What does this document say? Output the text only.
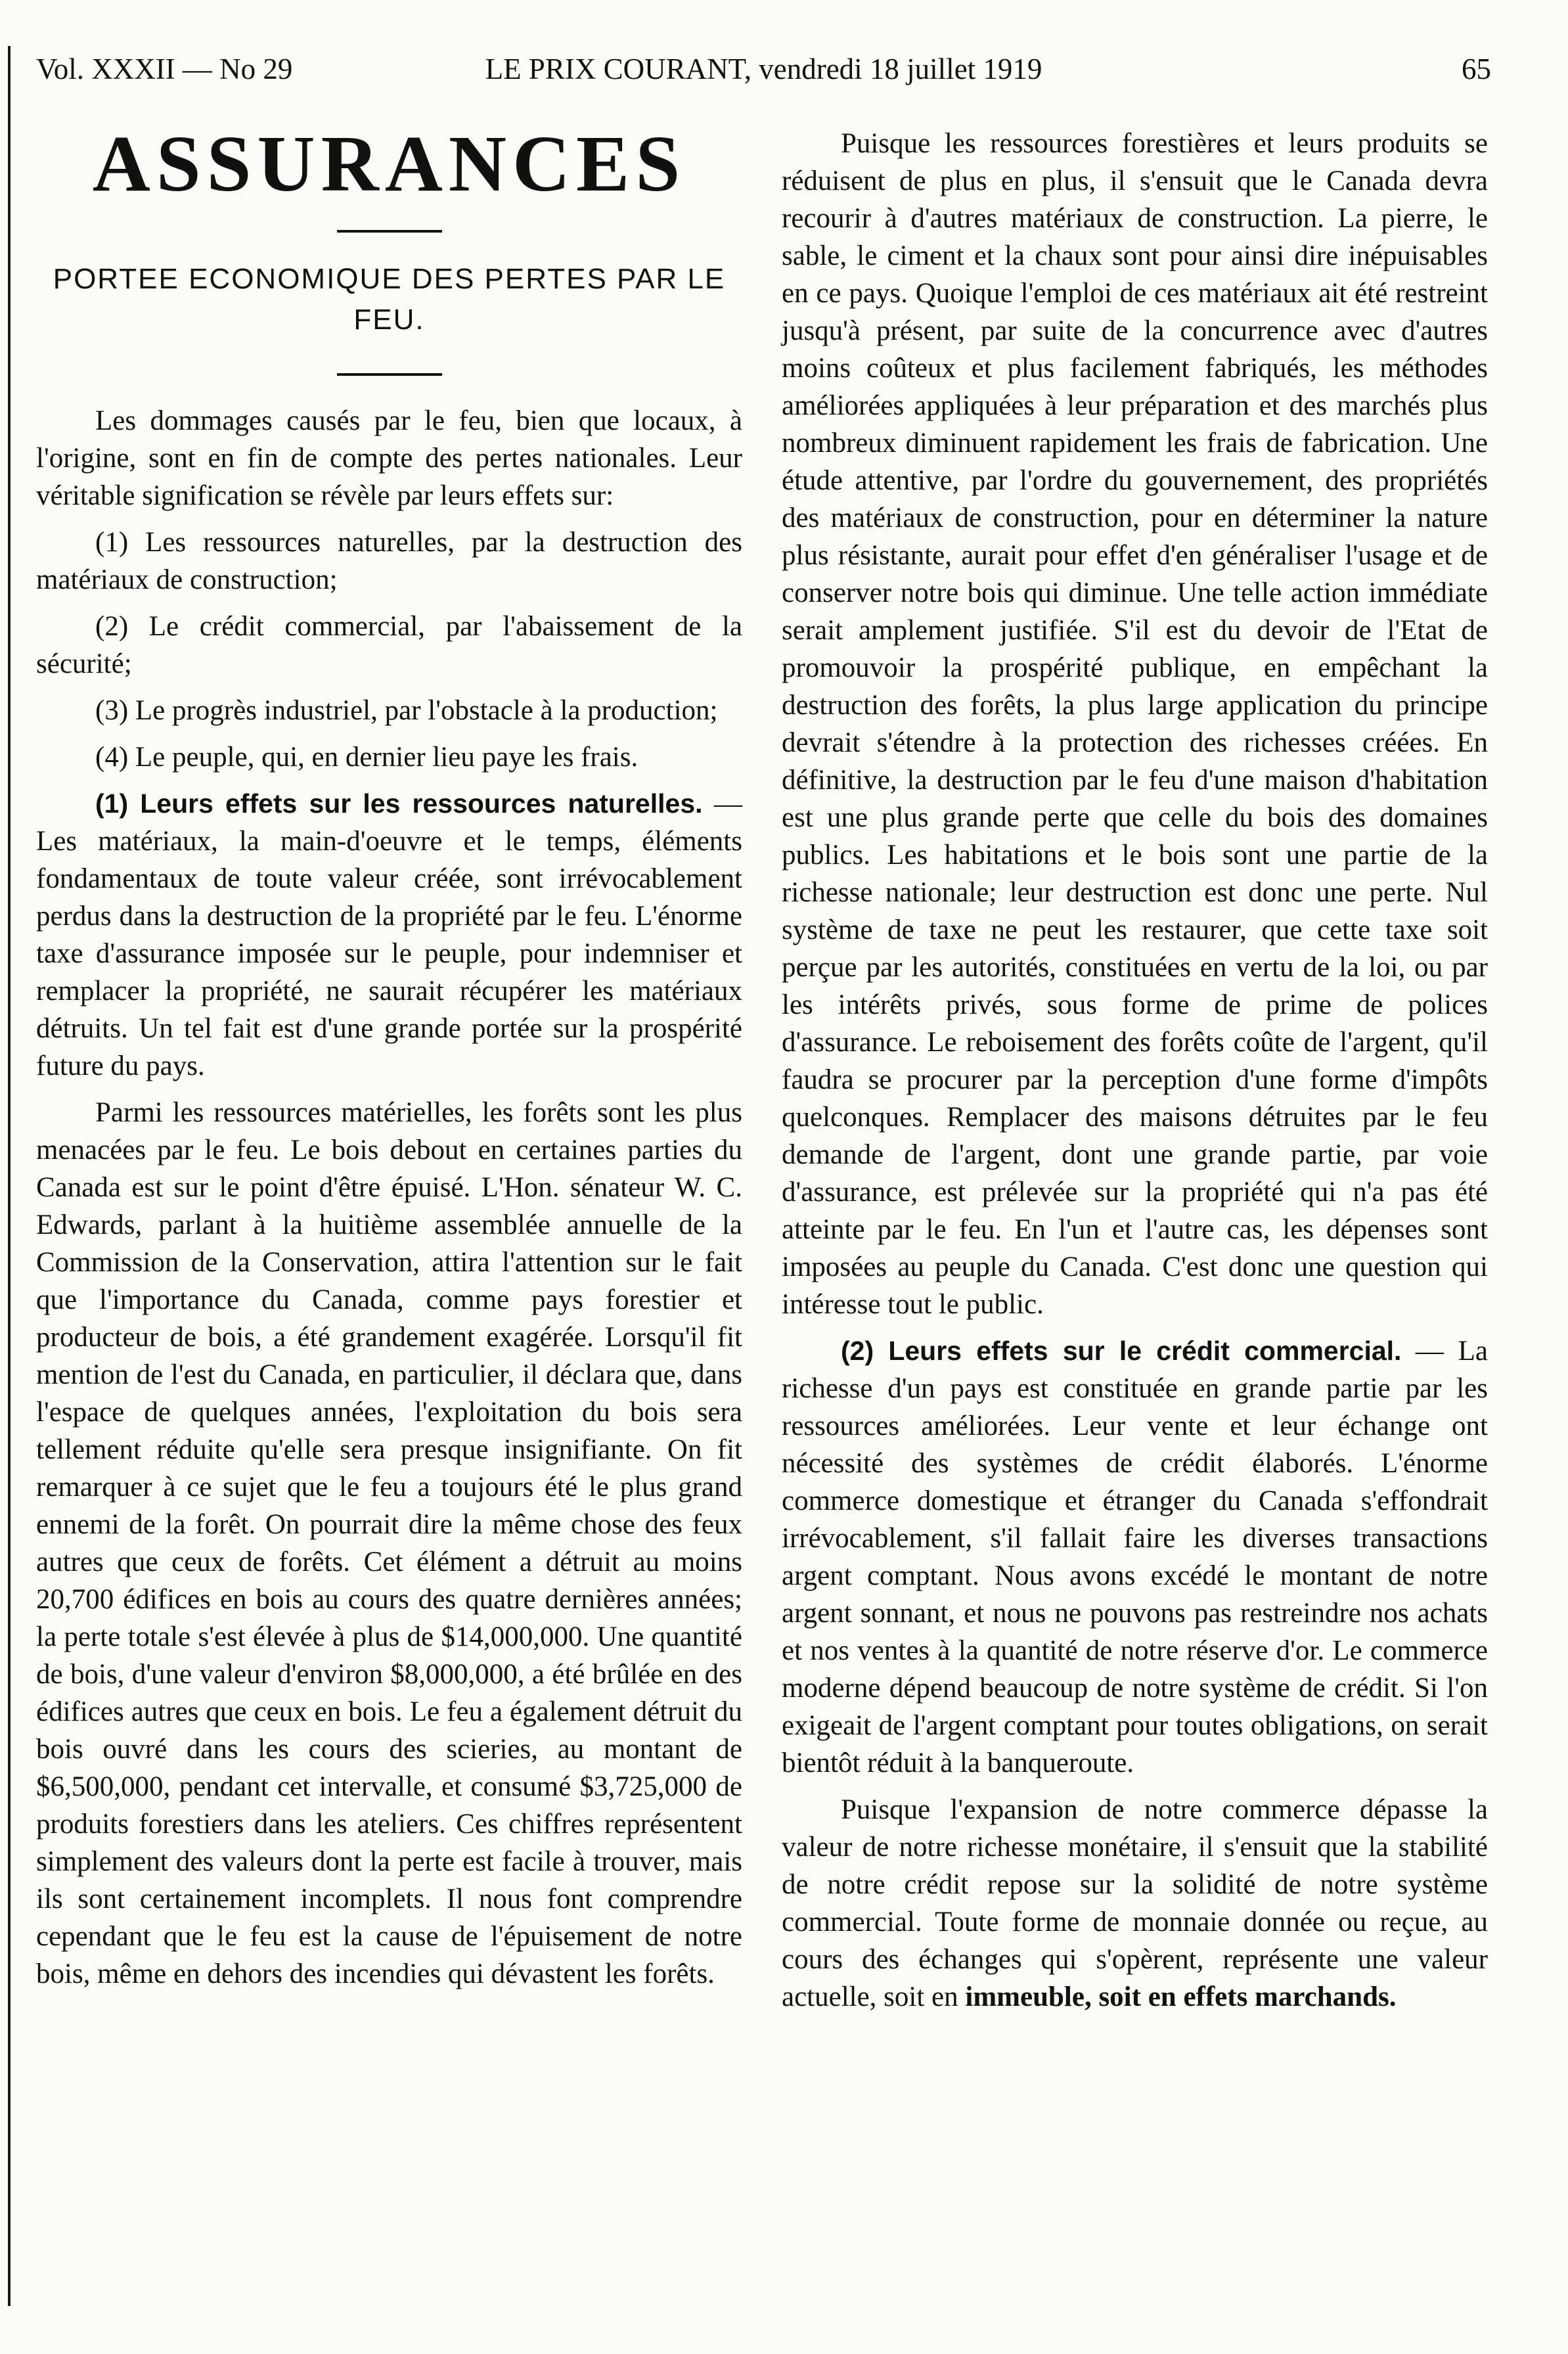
Vol. XXXII — No 29	LE PRIX COURANT, vendredi 18 juillet 1919	65
ASSURANCES
PORTEE ECONOMIQUE DES PERTES PAR LE FEU.

Les dommages causés par le feu, bien que locaux, à l'origine, sont en fin de compte des pertes nationales. Leur véritable signification se révèle par leurs effets sur:

(1) Les ressources naturelles, par la destruction des matériaux de construction;

(2) Le crédit commercial, par l'abaissement de la sécurité;

(3) Le progrès industriel, par l'obstacle à la production;

(4) Le peuple, qui, en dernier lieu paye les frais.

(1) Leurs effets sur les ressources naturelles. — Les matériaux, la main-d'oeuvre et le temps, éléments fondamentaux de toute valeur créée, sont irrévocablement perdus dans la destruction de la propriété par le feu. L'énorme taxe d'assurance imposée sur le peuple, pour indemniser et remplacer la propriété, ne saurait récupérer les matériaux détruits. Un tel fait est d'une grande portée sur la prospérité future du pays.

Parmi les ressources matérielles, les forêts sont les plus menacées par le feu. Le bois debout en certaines parties du Canada est sur le point d'être épuisé. L'Hon. sénateur W. C. Edwards, parlant à la huitième assemblée annuelle de la Commission de la Conservation, attira l'attention sur le fait que l'importance du Canada, comme pays forestier et producteur de bois, a été grandement exagérée. Lorsqu'il fit mention de l'est du Canada, en particulier, il déclara que, dans l'espace de quelques années, l'exploitation du bois sera tellement réduite qu'elle sera presque insignifiante. On fit remarquer à ce sujet que le feu a toujours été le plus grand ennemi de la forêt. On pourrait dire la même chose des feux autres que ceux de forêts. Cet élément a détruit au moins 20,700 édifices en bois au cours des quatre dernières années; la perte totale s'est élevée à plus de $14,000,000. Une quantité de bois, d'une valeur d'environ $8,000,000, a été brûlée en des édifices autres que ceux en bois. Le feu a également détruit du bois ouvré dans les cours des scieries, au montant de $6,500,000, pendant cet intervalle, et consumé $3,725,000 de produits forestiers dans les ateliers. Ces chiffres représentent simplement des valeurs dont la perte est facile à trouver, mais ils sont certainement incomplets. Il nous font comprendre cependant que le feu est la cause de l'épuisement de notre bois, même en dehors des incendies qui dévastent les forêts.

Puisque les ressources forestières et leurs produits se réduisent de plus en plus, il s'ensuit que le Canada devra recourir à d'autres matériaux de construction. La pierre, le sable, le ciment et la chaux sont pour ainsi dire inépuisables en ce pays. Quoique l'emploi de ces matériaux ait été restreint jusqu'à présent, par suite de la concurrence avec d'autres moins coûteux et plus facilement fabriqués, les méthodes améliorées appliquées à leur préparation et des marchés plus nombreux diminuent rapidement les frais de fabrication. Une étude attentive, par l'ordre du gouvernement, des propriétés des matériaux de construction, pour en déterminer la nature plus résistante, aurait pour effet d'en généraliser l'usage et de conserver notre bois qui diminue. Une telle action immédiate serait amplement justifiée. S'il est du devoir de l'Etat de promouvoir la prospérité publique, en empêchant la destruction des forêts, la plus large application du principe devrait s'étendre à la protection des richesses créées. En définitive, la destruction par le feu d'une maison d'habitation est une plus grande perte que celle du bois des domaines publics. Les habitations et le bois sont une partie de la richesse nationale; leur destruction est donc une perte. Nul système de taxe ne peut les restaurer, que cette taxe soit perçue par les autorités, constituées en vertu de la loi, ou par les intérêts privés, sous forme de prime de polices d'assurance. Le reboisement des forêts coûte de l'argent, qu'il faudra se procurer par la perception d'une forme d'impôts quelconques. Remplacer des maisons détruites par le feu demande de l'argent, dont une grande partie, par voie d'assurance, est prélevée sur la propriété qui n'a pas été atteinte par le feu. En l'un et l'autre cas, les dépenses sont imposées au peuple du Canada. C'est donc une question qui intéresse tout le public.

(2) Leurs effets sur le crédit commercial. — La richesse d'un pays est constituée en grande partie par les ressources améliorées. Leur vente et leur échange ont nécessité des systèmes de crédit élaborés. L'énorme commerce domestique et étranger du Canada s'effondrait irrévocablement, s'il fallait faire les diverses transactions argent comptant. Nous avons excédé le montant de notre argent sonnant, et nous ne pouvons pas restreindre nos achats et nos ventes à la quantité de notre réserve d'or. Le commerce moderne dépend beaucoup de notre système de crédit. Si l'on exigeait de l'argent comptant pour toutes obligations, on serait bientôt réduit à la banqueroute.

Puisque l'expansion de notre commerce dépasse la valeur de notre richesse monétaire, il s'ensuit que la stabilité de notre crédit repose sur la solidité de notre système commercial. Toute forme de monnaie donnée ou reçue, au cours des échanges qui s'opèrent, représente une valeur actuelle, soit en immeuble, soit en effets marchands.
